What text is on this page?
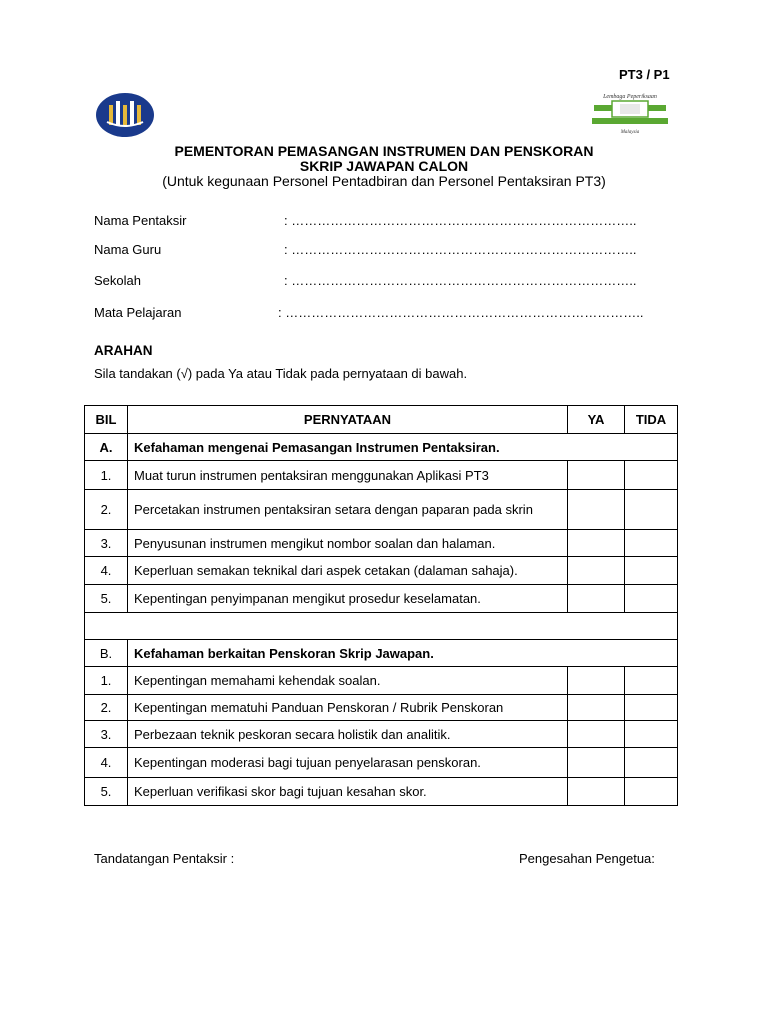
PT3 / P1
Lembaga Peperiksaan
Malaysia
PEMENTORAN PEMASANGAN INSTRUMEN DAN PENSKORAN
SKRIP JAWAPAN CALON
(Untuk kegunaan Personel Pentadbiran dan Personel Pentaksiran PT3)
Nama Pentaksir	: ……………………………………………………………………..
Nama Guru	: ……………………………………………………………………..
Sekolah	: ……………………………………………………………………..
Mata Pelajaran	: ………………………………………………………………………..
ARAHAN
Sila tandakan (√) pada Ya atau Tidak pada pernyataan di bawah.
BIL	PERNYATAAN	YA	TIDA
A.	Kefahaman mengenai Pemasangan Instrumen Pentaksiran.		
1.	Muat turun instrumen pentaksiran menggunakan Aplikasi PT3		
2.	Percetakan instrumen pentaksiran setara dengan paparan pada skrin		
3.	Penyusunan instrumen mengikut nombor soalan dan halaman.		
4.	Keperluan semakan teknikal dari aspek cetakan (dalaman sahaja).		
5.	Kepentingan penyimpanan mengikut prosedur keselamatan.		

B.	Kefahaman berkaitan Penskoran Skrip Jawapan.		
1.	Kepentingan memahami kehendak soalan.		
2.	Kepentingan mematuhi Panduan Penskoran / Rubrik Penskoran		
3.	Perbezaan teknik peskoran secara holistik dan analitik.		
4.	Kepentingan moderasi bagi tujuan penyelarasan penskoran.		
5.	Keperluan verifikasi skor bagi tujuan kesahan skor.		
Tandatangan Pentaksir :	Pengesahan Pengetua:
